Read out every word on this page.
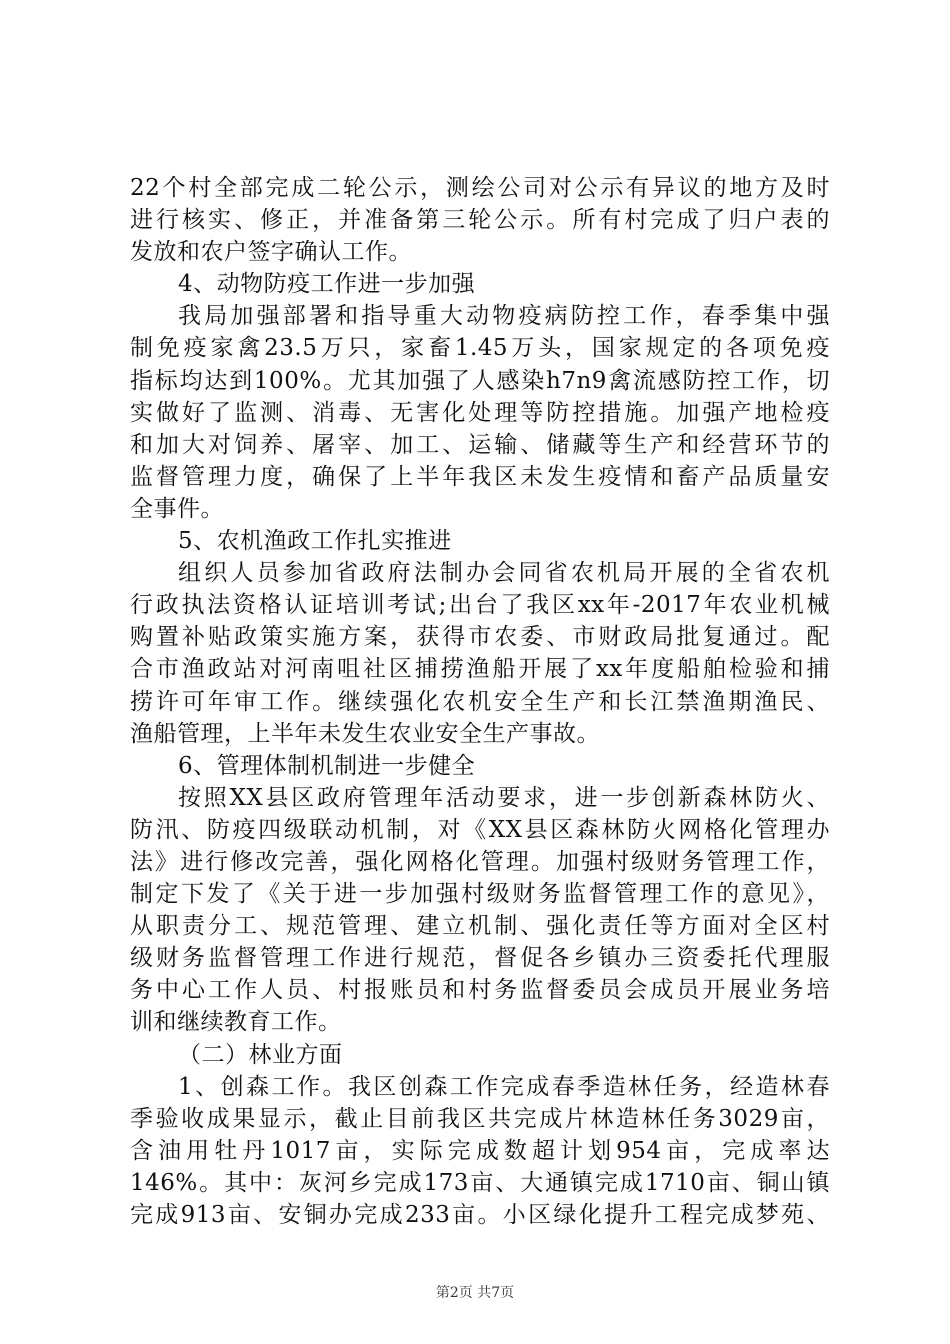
22个村全部完成二轮公示，测绘公司对公示有异议的地方及时
进行核实、修正，并准备第三轮公示。所有村完成了归户表的
发放和农户签字确认工作。
4、动物防疫工作进一步加强
我局加强部署和指导重大动物疫病防控工作，春季集中强
制免疫家禽23.5万只，家畜1.45万头，国家规定的各项免疫
指标均达到100%。尤其加强了人感染h7n9禽流感防控工作，切
实做好了监测、消毒、无害化处理等防控措施。加强产地检疫
和加大对饲养、屠宰、加工、运输、储藏等生产和经营环节的
监督管理力度，确保了上半年我区未发生疫情和畜产品质量安
全事件。
5、农机渔政工作扎实推进
组织人员参加省政府法制办会同省农机局开展的全省农机
行政执法资格认证培训考试;出台了我区xx年-2017年农业机械
购置补贴政策实施方案，获得市农委、市财政局批复通过。配
合市渔政站对河南咀社区捕捞渔船开展了xx年度船舶检验和捕
捞许可年审工作。继续强化农机安全生产和长江禁渔期渔民、
渔船管理，上半年未发生农业安全生产事故。
6、管理体制机制进一步健全
按照XX县区政府管理年活动要求，进一步创新森林防火、
防汛、防疫四级联动机制，对《XX县区森林防火网格化管理办
法》进行修改完善，强化网格化管理。加强村级财务管理工作，
制定下发了《关于进一步加强村级财务监督管理工作的意见》，
从职责分工、规范管理、建立机制、强化责任等方面对全区村
级财务监督管理工作进行规范，督促各乡镇办三资委托代理服
务中心工作人员、村报账员和村务监督委员会成员开展业务培
训和继续教育工作。
（二）林业方面
1、创森工作。我区创森工作完成春季造林任务，经造林春
季验收成果显示，截止目前我区共完成片林造林任务3029亩，
含油用牡丹1017亩，实际完成数超计划954亩，完成率达
146%。其中：灰河乡完成173亩、大通镇完成1710亩、铜山镇
完成913亩、安铜办完成233亩。小区绿化提升工程完成梦苑、
第2页 共7页
